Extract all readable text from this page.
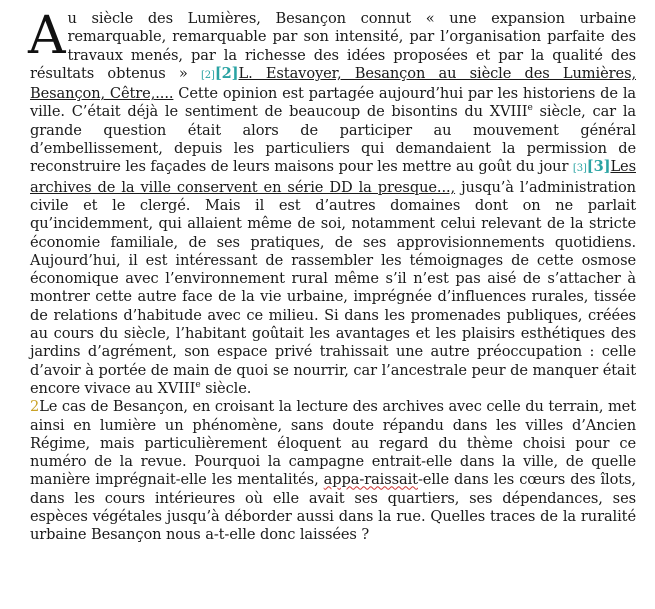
Au siècle des Lumières, Besançon connut « une expansion urbaine remarquable, remarquable par son intensité, par l’organisation parfaite des travaux menés, par la richesse des idées proposées et par la qualité des résultats obtenus » [2][2]L. Estavoyer, Besançon au siècle des Lumières, Besançon, Cêtre,.... Cette opinion est partagée aujourd’hui par les historiens de la ville. C’était déjà le sentiment de beaucoup de bisontins du XVIIIe siècle, car la grande question était alors de participer au mouvement général d’embellissement, depuis les particuliers qui demandaient la permission de reconstruire les façades de leurs maisons pour les mettre au goût du jour [3][3]Les archives de la ville conservent en série DD la presque..., jusqu’à l’administration civile et le clergé. Mais il est d’autres domaines dont on ne parlait qu’incidemment, qui allaient même de soi, notamment celui relevant de la stricte économie familiale, de ses pratiques, de ses approvisionnements quotidiens. Aujourd’hui, il est intéressant de rassembler les témoignages de cette osmose économique avec l’environnement rural même s’il n’est pas aisé de s’attacher à montrer cette autre face de la vie urbaine, imprégnée d’influences rurales, tissée de relations d’habitude avec ce milieu. Si dans les promenades publiques, créées au cours du siècle, l’habitant goûtait les avantages et les plaisirs esthétiques des jardins d’agrément, son espace privé trahissait une autre préoccupation : celle d’avoir à portée de main de quoi se nourrir, car l’ancestrale peur de manquer était encore vivace au XVIIIe siècle.

2Le cas de Besançon, en croisant la lecture des archives avec celle du terrain, met ainsi en lumière un phénomène, sans doute répandu dans les villes d’Ancien Régime, mais particulièrement éloquent au regard du thème choisi pour ce numéro de la revue. Pourquoi la campagne entrait-elle dans la ville, de quelle manière imprégnait-elle les mentalités, appa-raissait-elle dans les cœurs des îlots, dans les cours intérieures où elle avait ses quartiers, ses dépendances, ses espèces végétales jusqu’à déborder aussi dans la rue. Quelles traces de la ruralité urbaine Besançon nous a-t-elle donc laissées ?
